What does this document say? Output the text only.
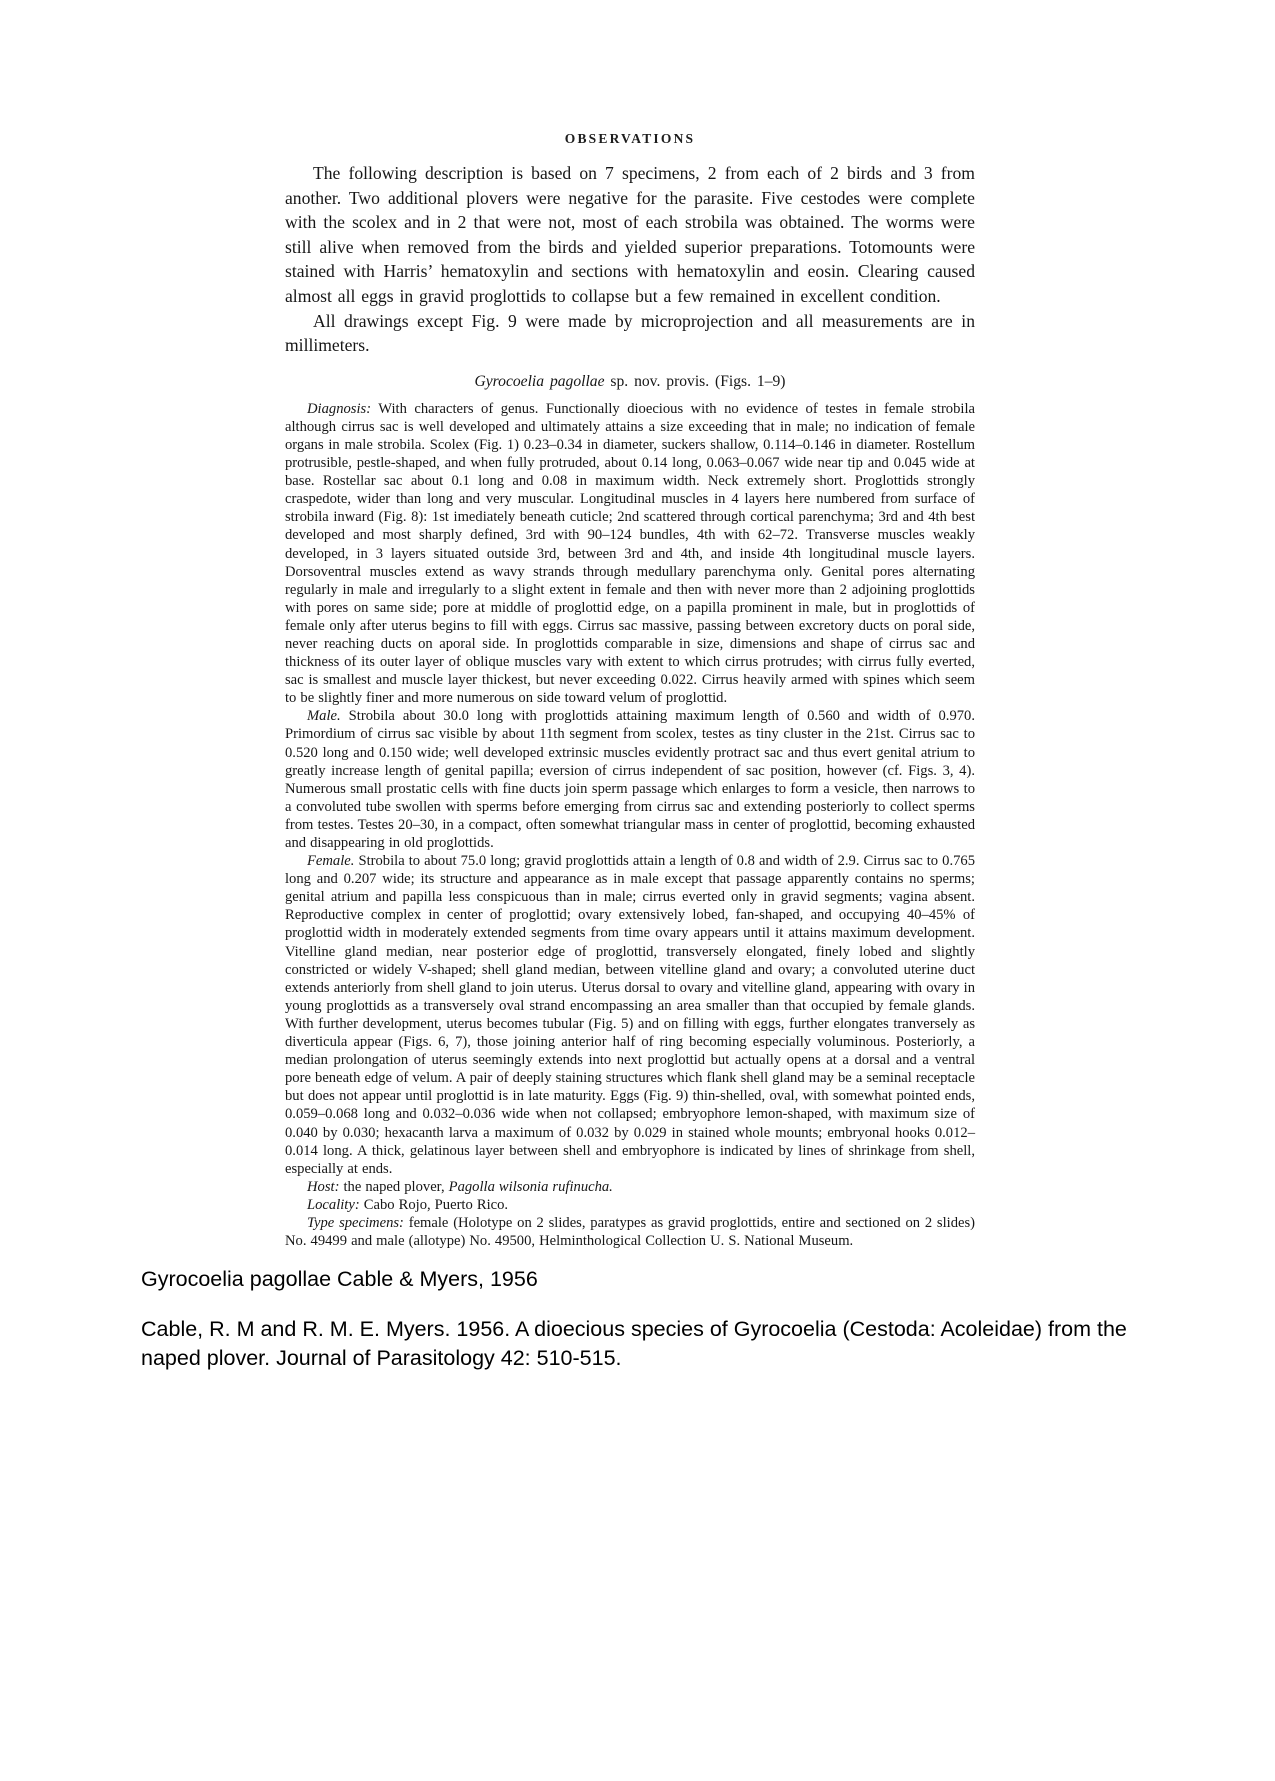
OBSERVATIONS

The following description is based on 7 specimens, 2 from each of 2 birds and 3 from another. Two additional plovers were negative for the parasite. Five cestodes were complete with the scolex and in 2 that were not, most of each strobila was obtained. The worms were still alive when removed from the birds and yielded superior preparations. Totomounts were stained with Harris’ hematoxylin and sections with hematoxylin and eosin. Clearing caused almost all eggs in gravid proglottids to collapse but a few remained in excellent condition.

All drawings except Fig. 9 were made by microprojection and all measurements are in millimeters.

Gyrocoelia pagollae sp. nov. provis. (Figs. 1–9)

Diagnosis: With characters of genus. Functionally dioecious with no evidence of testes in female strobila although cirrus sac is well developed and ultimately attains a size exceeding that in male; no indication of female organs in male strobila. Scolex (Fig. 1) 0.23–0.34 in diameter, suckers shallow, 0.114–0.146 in diameter. Rostellum protrusible, pestle-shaped, and when fully protruded, about 0.14 long, 0.063–0.067 wide near tip and 0.045 wide at base. Rostellar sac about 0.1 long and 0.08 in maximum width. Neck extremely short. Proglottids strongly craspedote, wider than long and very muscular. Longitudinal muscles in 4 layers here numbered from surface of strobila inward (Fig. 8): 1st imediately beneath cuticle; 2nd scattered through cortical parenchyma; 3rd and 4th best developed and most sharply defined, 3rd with 90–124 bundles, 4th with 62–72. Transverse muscles weakly developed, in 3 layers situated outside 3rd, between 3rd and 4th, and inside 4th longitudinal muscle layers. Dorsoventral muscles extend as wavy strands through medullary parenchyma only. Genital pores alternating regularly in male and irregularly to a slight extent in female and then with never more than 2 adjoining proglottids with pores on same side; pore at middle of proglottid edge, on a papilla prominent in male, but in proglottids of female only after uterus begins to fill with eggs. Cirrus sac massive, passing between excretory ducts on poral side, never reaching ducts on aporal side. In proglottids comparable in size, dimensions and shape of cirrus sac and thickness of its outer layer of oblique muscles vary with extent to which cirrus protrudes; with cirrus fully everted, sac is smallest and muscle layer thickest, but never exceeding 0.022. Cirrus heavily armed with spines which seem to be slightly finer and more numerous on side toward velum of proglottid.

Male. Strobila about 30.0 long with proglottids attaining maximum length of 0.560 and width of 0.970. Primordium of cirrus sac visible by about 11th segment from scolex, testes as tiny cluster in the 21st. Cirrus sac to 0.520 long and 0.150 wide; well developed extrinsic muscles evidently protract sac and thus evert genital atrium to greatly increase length of genital papilla; eversion of cirrus independent of sac position, however (cf. Figs. 3, 4). Numerous small prostatic cells with fine ducts join sperm passage which enlarges to form a vesicle, then narrows to a convoluted tube swollen with sperms before emerging from cirrus sac and extending posteriorly to collect sperms from testes. Testes 20–30, in a compact, often somewhat triangular mass in center of proglottid, becoming exhausted and disappearing in old proglottids.

Female. Strobila to about 75.0 long; gravid proglottids attain a length of 0.8 and width of 2.9. Cirrus sac to 0.765 long and 0.207 wide; its structure and appearance as in male except that passage apparently contains no sperms; genital atrium and papilla less conspicuous than in male; cirrus everted only in gravid segments; vagina absent. Reproductive complex in center of proglottid; ovary extensively lobed, fan-shaped, and occupying 40–45% of proglottid width in moderately extended segments from time ovary appears until it attains maximum development. Vitelline gland median, near posterior edge of proglottid, transversely elongated, finely lobed and slightly constricted or widely V-shaped; shell gland median, between vitelline gland and ovary; a convoluted uterine duct extends anteriorly from shell gland to join uterus. Uterus dorsal to ovary and vitelline gland, appearing with ovary in young proglottids as a transversely oval strand encompassing an area smaller than that occupied by female glands. With further development, uterus becomes tubular (Fig. 5) and on filling with eggs, further elongates tranversely as diverticula appear (Figs. 6, 7), those joining anterior half of ring becoming especially voluminous. Posteriorly, a median prolongation of uterus seemingly extends into next proglottid but actually opens at a dorsal and a ventral pore beneath edge of velum. A pair of deeply staining structures which flank shell gland may be a seminal receptacle but does not appear until proglottid is in late maturity. Eggs (Fig. 9) thin-shelled, oval, with somewhat pointed ends, 0.059–0.068 long and 0.032–0.036 wide when not collapsed; embryophore lemon-shaped, with maximum size of 0.040 by 0.030; hexacanth larva a maximum of 0.032 by 0.029 in stained whole mounts; embryonal hooks 0.012–0.014 long. A thick, gelatinous layer between shell and embryophore is indicated by lines of shrinkage from shell, especially at ends.

Host: the naped plover, Pagolla wilsonia rufinucha.

Locality: Cabo Rojo, Puerto Rico.

Type specimens: female (Holotype on 2 slides, paratypes as gravid proglottids, entire and sectioned on 2 slides) No. 49499 and male (allotype) No. 49500, Helminthological Collection U. S. National Museum.

Gyrocoelia pagollae Cable & Myers, 1956
Cable, R. M and R. M. E. Myers. 1956. A dioecious species of Gyrocoelia (Cestoda: Acoleidae) from the
naped plover. Journal of Parasitology 42: 510-515.
